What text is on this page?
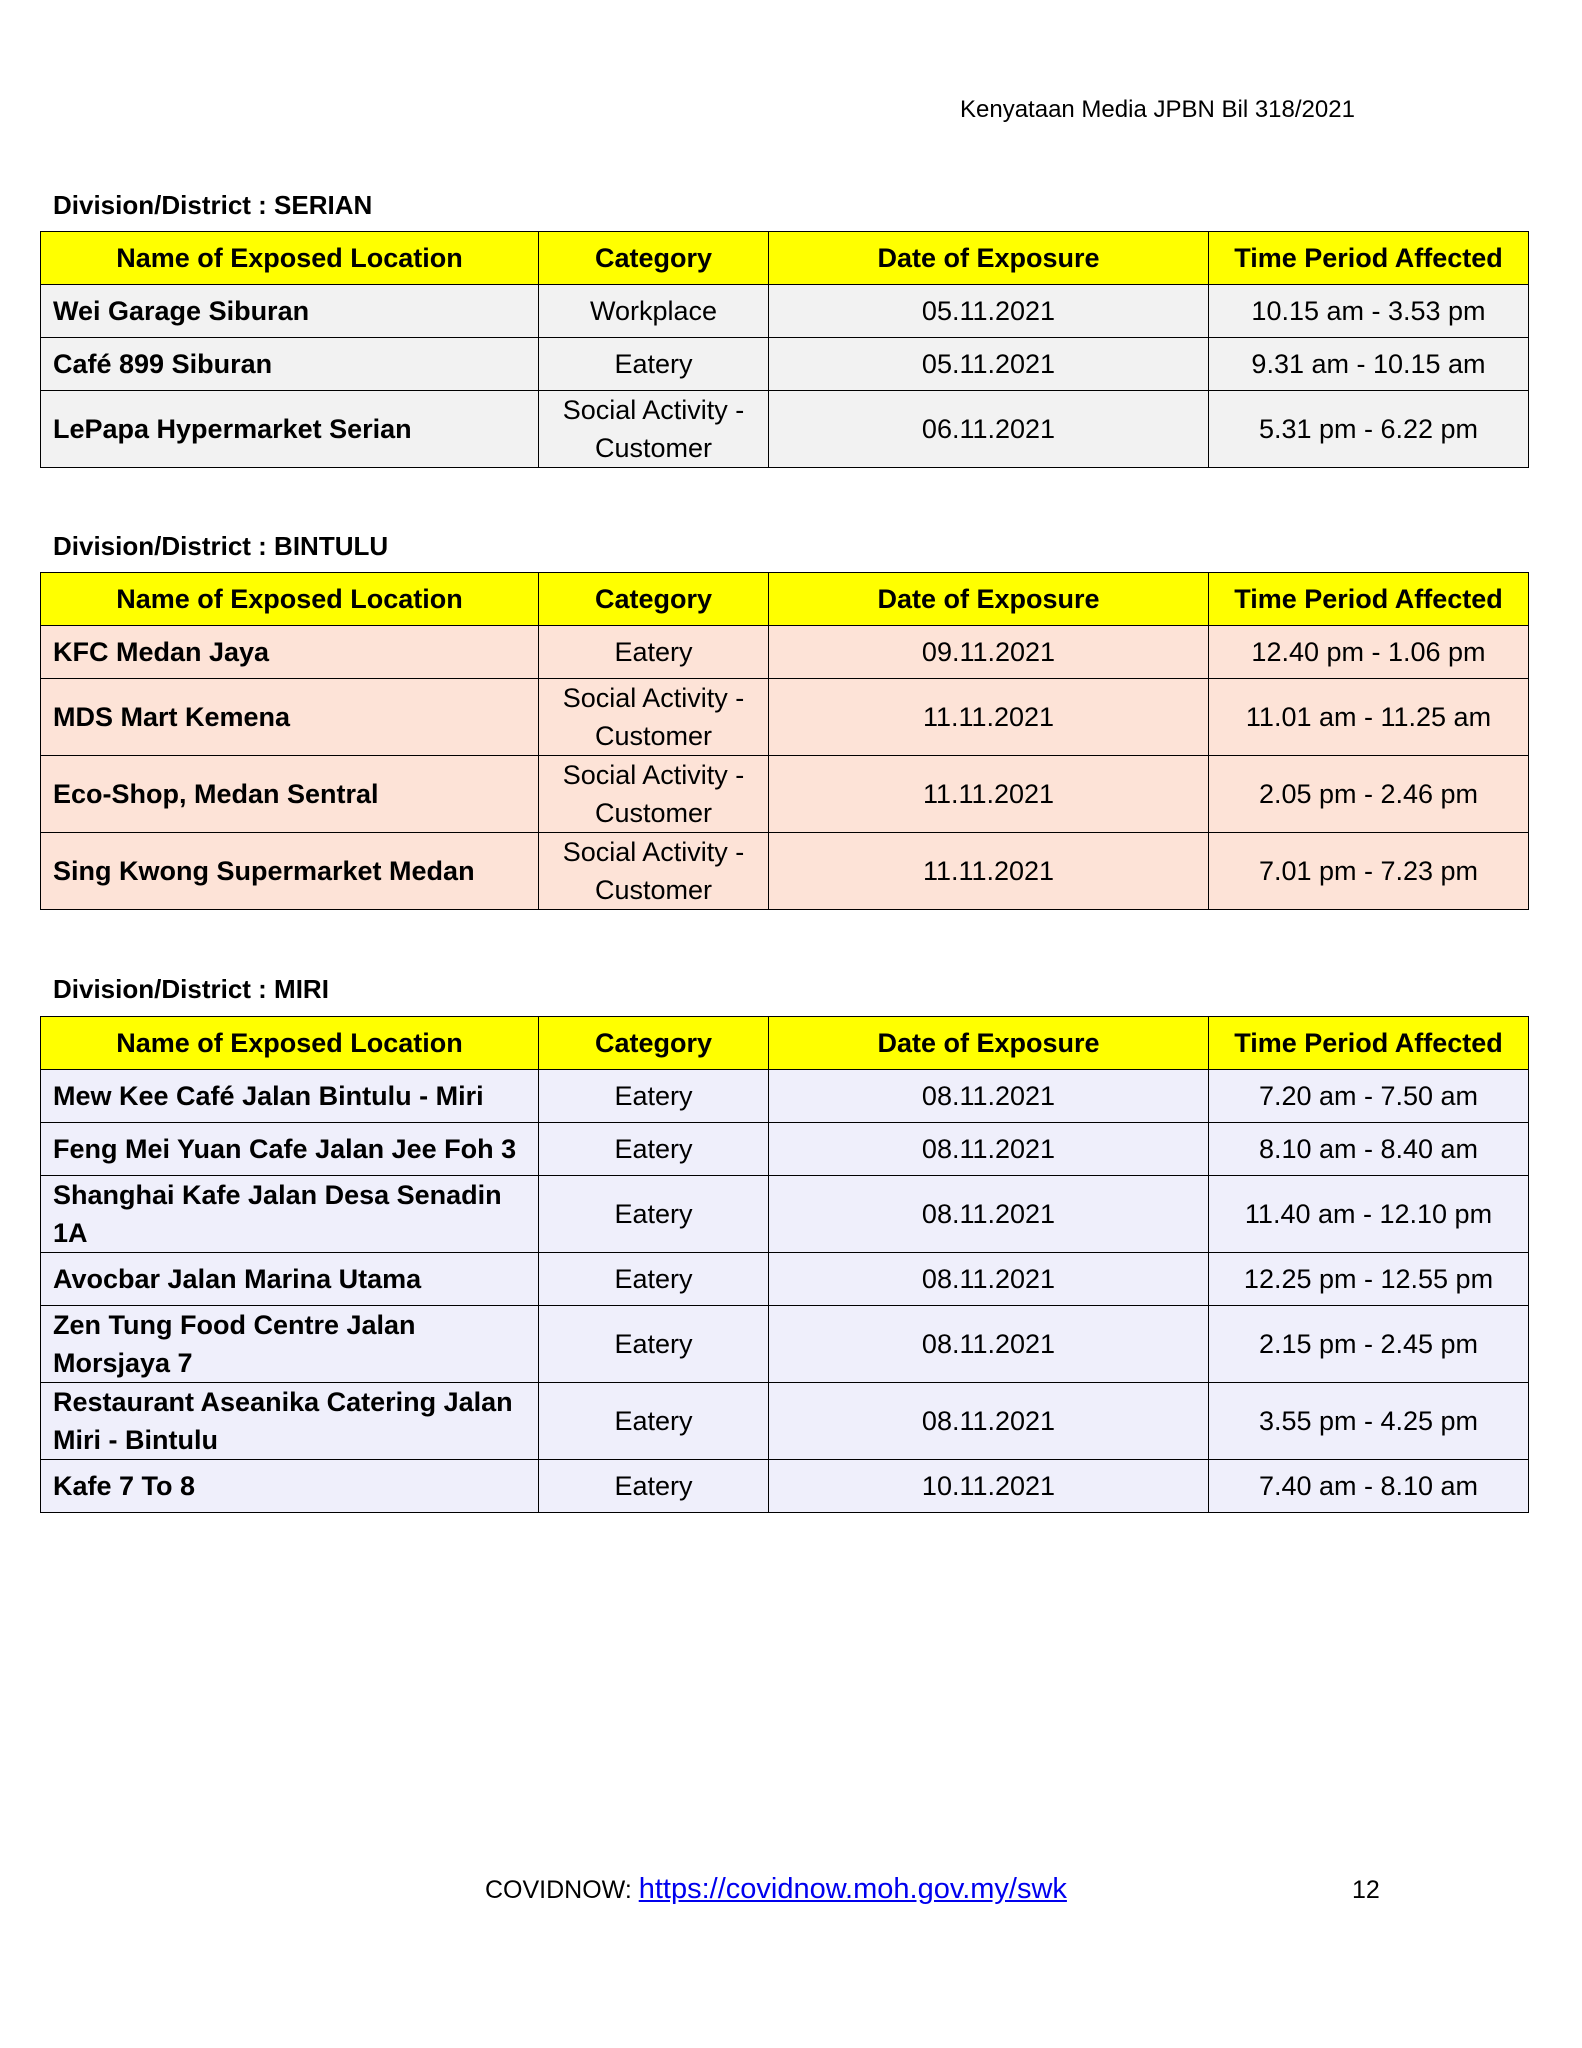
Kenyataan Media JPBN Bil 318/2021
Division/District : SERIAN
Name of Exposed Location	Category	Date of Exposure	Time Period Affected
Wei Garage Siburan	Workplace	05.11.2021	10.15 am - 3.53 pm
Café 899 Siburan	Eatery	05.11.2021	9.31 am - 10.15 am
LePapa Hypermarket Serian	Social Activity - Customer	06.11.2021	5.31 pm - 6.22 pm
Division/District : BINTULU
Name of Exposed Location	Category	Date of Exposure	Time Period Affected
KFC Medan Jaya	Eatery	09.11.2021	12.40 pm - 1.06 pm
MDS Mart Kemena	Social Activity - Customer	11.11.2021	11.01 am - 11.25 am
Eco-Shop, Medan Sentral	Social Activity - Customer	11.11.2021	2.05 pm - 2.46 pm
Sing Kwong Supermarket Medan	Social Activity - Customer	11.11.2021	7.01 pm - 7.23 pm
Division/District : MIRI
Name of Exposed Location	Category	Date of Exposure	Time Period Affected
Mew Kee Café Jalan Bintulu - Miri	Eatery	08.11.2021	7.20 am - 7.50 am
Feng Mei Yuan Cafe Jalan Jee Foh 3	Eatery	08.11.2021	8.10 am - 8.40 am
Shanghai Kafe Jalan Desa Senadin 1A	Eatery	08.11.2021	11.40 am - 12.10 pm
Avocbar Jalan Marina Utama	Eatery	08.11.2021	12.25 pm - 12.55 pm
Zen Tung Food Centre Jalan Morsjaya 7	Eatery	08.11.2021	2.15 pm - 2.45 pm
Restaurant Aseanika Catering Jalan Miri - Bintulu	Eatery	08.11.2021	3.55 pm - 4.25 pm
Kafe 7 To 8	Eatery	10.11.2021	7.40 am - 8.10 am
COVIDNOW: https://covidnow.moh.gov.my/swk	12
